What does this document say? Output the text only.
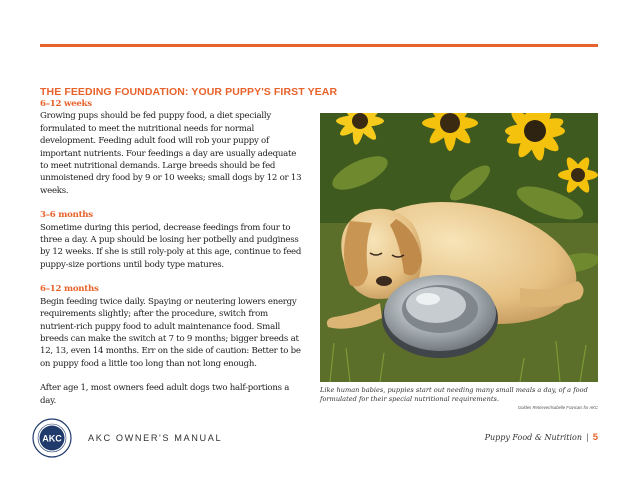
THE FEEDING FOUNDATION: YOUR PUPPY'S FIRST YEAR

6–12 weeks

Growing pups should be fed puppy food, a diet specially formulated to meet the nutritional needs for normal development. Feeding adult food will rob your puppy of important nutrients. Four feedings a day are usually adequate to meet nutritional demands. Large breeds should be fed unmoistened dry food by 9 or 10 weeks; small dogs by 12 or 13 weeks.

3–6 months

Sometime during this period, decrease feedings from four to three a day. A pup should be losing her potbelly and pudginess by 12 weeks. If she is still roly-poly at this age, continue to feed puppy-size portions until body type matures.

6–12 months

Begin feeding twice daily. Spaying or neutering lowers energy requirements slightly; after the procedure, switch from nutrient-rich puppy food to adult maintenance food. Small breeds can make the switch at 7 to 9 months; bigger breeds at 12, 13, even 14 months. Err on the side of caution: Better to be on puppy food a little too long than not long enough.

After age 1, most owners feed adult dogs two half-portions a day.

Like human babies, puppies start out needing many small meals a day, of a food formulated for their special nutritional requirements.
Golden Retriever/Isabelle Francais for AKC
AKC	AKC OWNER'S MANUAL	Puppy Food & Nutrition | 5
